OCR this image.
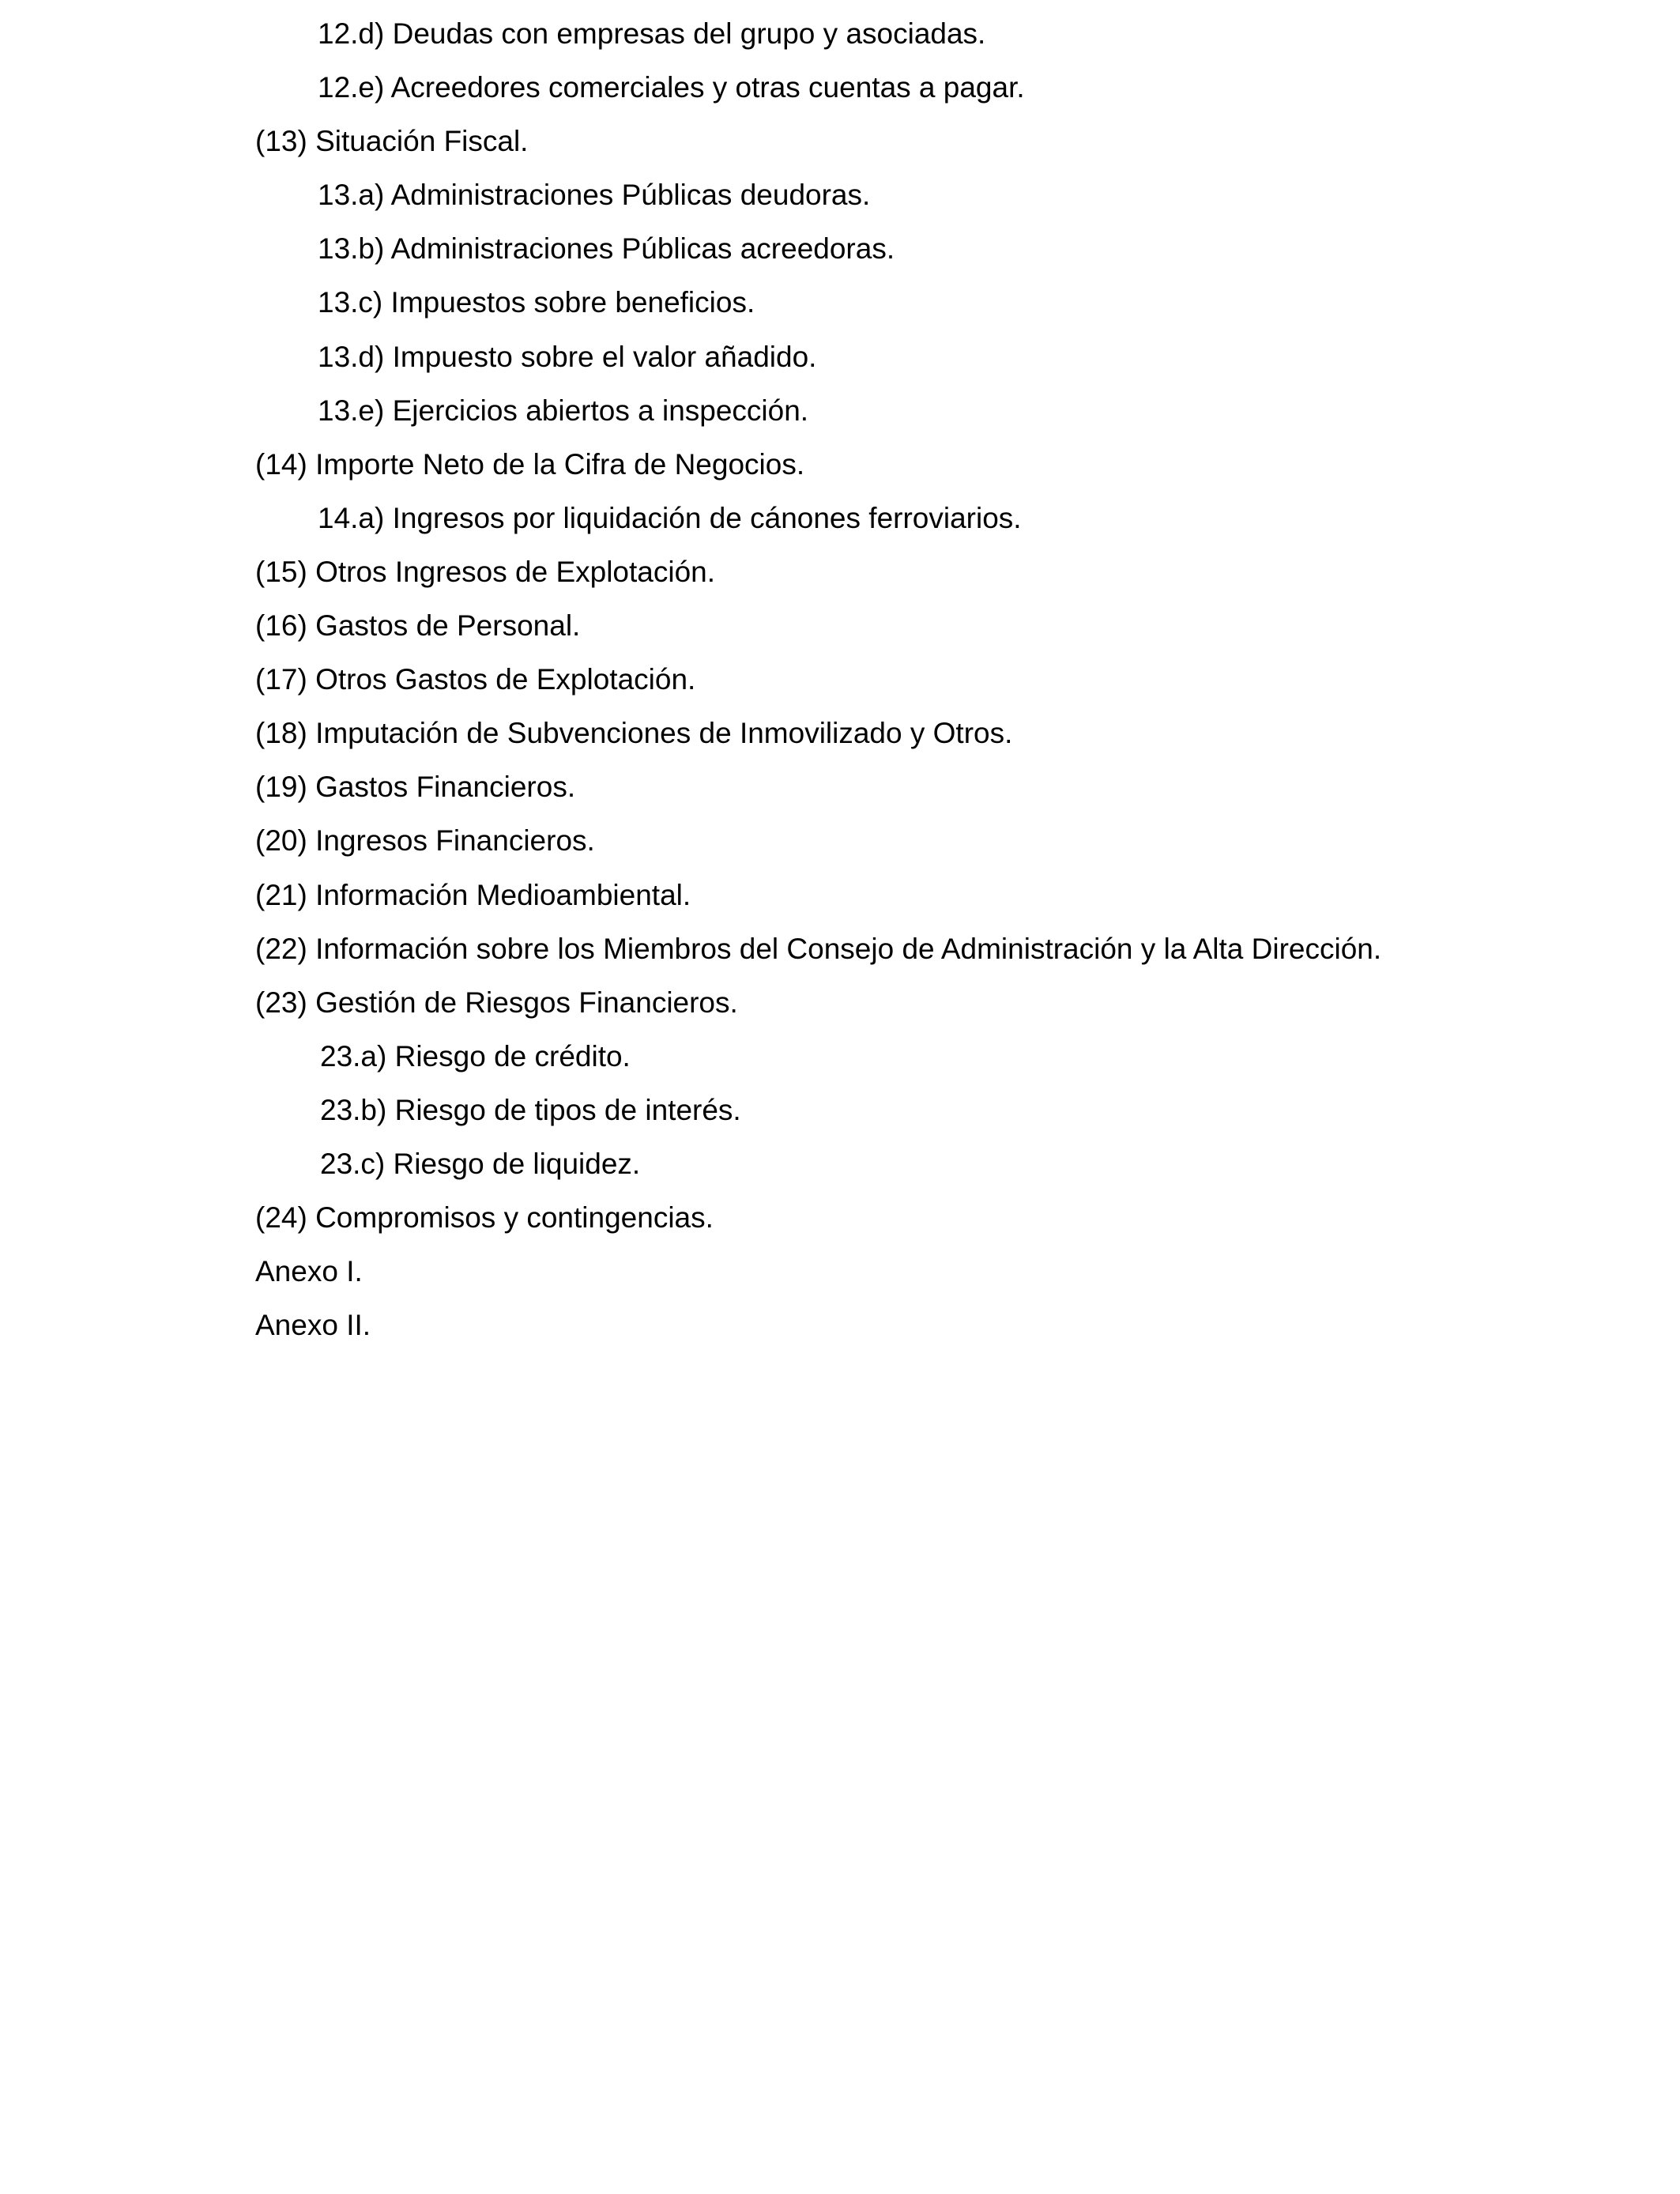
12.d) Deudas con empresas del grupo y asociadas.
12.e) Acreedores comerciales y otras cuentas a pagar.
(13) Situación Fiscal.
13.a) Administraciones Públicas deudoras.
13.b) Administraciones Públicas acreedoras.
13.c) Impuestos sobre beneficios.
13.d) Impuesto sobre el valor añadido.
13.e) Ejercicios abiertos a inspección.
(14) Importe Neto de la Cifra de Negocios.
14.a) Ingresos por liquidación de cánones ferroviarios.
(15) Otros Ingresos de Explotación.
(16) Gastos de Personal.
(17) Otros Gastos de Explotación.
(18) Imputación de Subvenciones de Inmovilizado y Otros.
(19) Gastos Financieros.
(20) Ingresos Financieros.
(21) Información Medioambiental.
(22) Información sobre los Miembros del Consejo de Administración y la Alta Dirección.
(23) Gestión de Riesgos Financieros.
23.a) Riesgo de crédito.
23.b) Riesgo de tipos de interés.
23.c) Riesgo de liquidez.
(24) Compromisos y contingencias.
Anexo I.
Anexo II.
